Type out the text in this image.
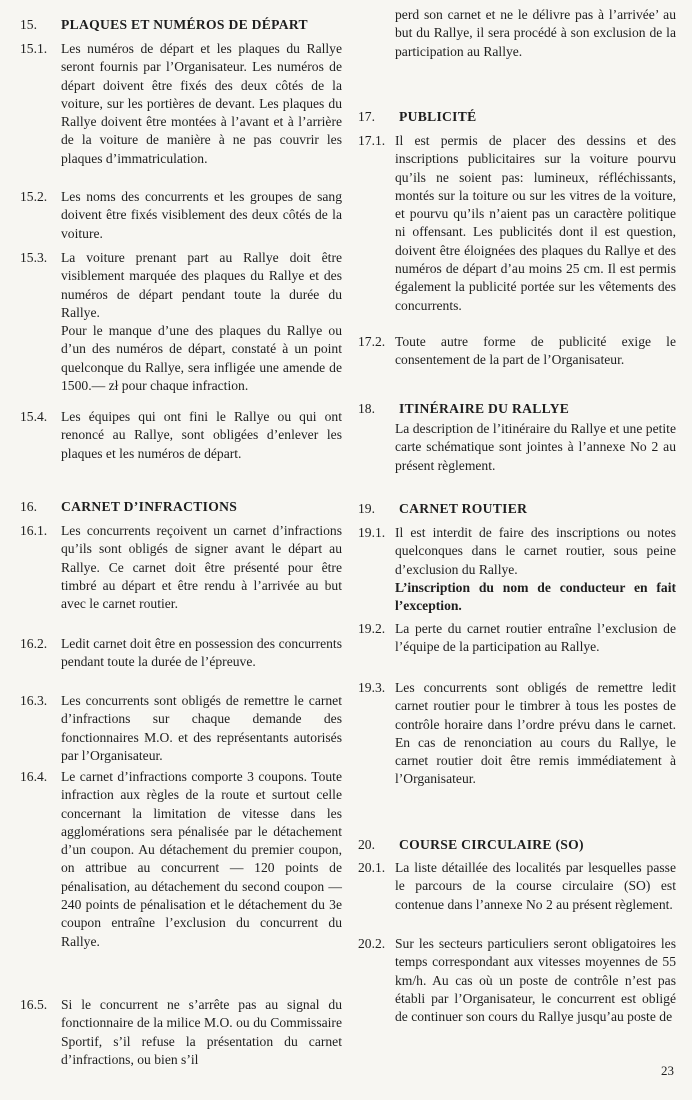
15. PLAQUES ET NUMÉROS DE DÉPART
15.1. Les numéros de départ et les plaques du Rallye seront fournis par l’Organisateur. Les numéros de départ doivent être fixés des deux côtés de la voiture, sur les portières de devant. Les plaques du Rallye doivent être montées à l’avant et à l’arrière de la voiture de manière à ne pas couvrir les plaques d’immatriculation.
15.2. Les noms des concurrents et les groupes de sang doivent être fixés visiblement des deux côtés de la voiture.
15.3. La voiture prenant part au Rallye doit être visiblement marquée des plaques du Rallye et des numéros de départ pendant toute la durée du Rallye.
Pour le manque d’une des plaques du Rallye ou d’un des numéros de départ, constaté à un point quelconque du Rallye, sera infligée une amende de 1500.— zł pour chaque infraction.
15.4. Les équipes qui ont fini le Rallye ou qui ont renoncé au Rallye, sont obligées d’enlever les plaques et les numéros de départ.
16. CARNET D’INFRACTIONS
16.1. Les concurrents reçoivent un carnet d’infractions qu’ils sont obligés de signer avant le départ au Rallye. Ce carnet doit être présenté pour être timbré au départ et être rendu à l’arrivée au but avec le carnet routier.
16.2. Ledit carnet doit être en possession des concurrents pendant toute la durée de l’épreuve.
16.3. Les concurrents sont obligés de remettre le carnet d’infractions sur chaque demande des fonctionnaires M.O. et des représentants autorisés par l’Organisateur.
16.4. Le carnet d’infractions comporte 3 coupons. Toute infraction aux règles de la route et surtout celle concernant la limitation de vitesse dans les agglomérations sera pénalisée par le détachement d’un coupon. Au détachement du premier coupon, on attribue au concurrent — 120 points de pénalisation, au détachement du second coupon — 240 points de pénalisation et le détachement du 3e coupon entraîne l’exclusion du concurrent du Rallye.
16.5. Si le concurrent ne s’arrête pas au signal du fonctionnaire de la milice M.O. ou du Commissaire Sportif, s’il refuse la présentation du carnet d’infractions, ou bien s’il
perd son carnet et ne le délivre pas à l’arrivée’ au but du Rallye, il sera procédé à son exclusion de la participation au Rallye.
17. PUBLICITÉ
17.1. Il est permis de placer des dessins et des inscriptions publicitaires sur la voiture pourvu qu’ils ne soient pas: lumineux, réfléchissants, montés sur la toiture ou sur les vitres de la voiture, et pourvu qu’ils n’aient pas un caractère politique ni offensant. Les publicités dont il est question, doivent être éloignées des plaques du Rallye et des numéros de départ d’au moins 25 cm. Il est permis également la publicité portée sur les vêtements des concurrents.
17.2. Toute autre forme de publicité exige le consentement de la part de l’Organisateur.
18. ITINÉRAIRE DU RALLYE
La description de l’itinéraire du Rallye et une petite carte schématique sont jointes à l’annexe No 2 au présent règlement.
19. CARNET ROUTIER
19.1. Il est interdit de faire des inscriptions ou notes quelconques dans le carnet routier, sous peine d’exclusion du Rallye.
L’inscription du nom de conducteur en fait l’exception.
19.2. La perte du carnet routier entraîne l’exclusion de l’équipe de la participation au Rallye.
19.3. Les concurrents sont obligés de remettre ledit carnet routier pour le timbrer à tous les postes de contrôle horaire dans l’ordre prévu dans le carnet. En cas de renonciation au cours du Rallye, le carnet routier doit être remis immédiatement à l’Organisateur.
20. COURSE CIRCULAIRE (SO)
20.1. La liste détaillée des localités par lesquelles passe le parcours de la course circulaire (SO) est contenue dans l’annexe No 2 au présent règlement.
20.2. Sur les secteurs particuliers seront obligatoires les temps correspondant aux vitesses moyennes de 55 km/h. Au cas où un poste de contrôle n’est pas établi par l’Organisateur, le concurrent est obligé de continuer son cours du Rallye jusqu’au poste de
23
